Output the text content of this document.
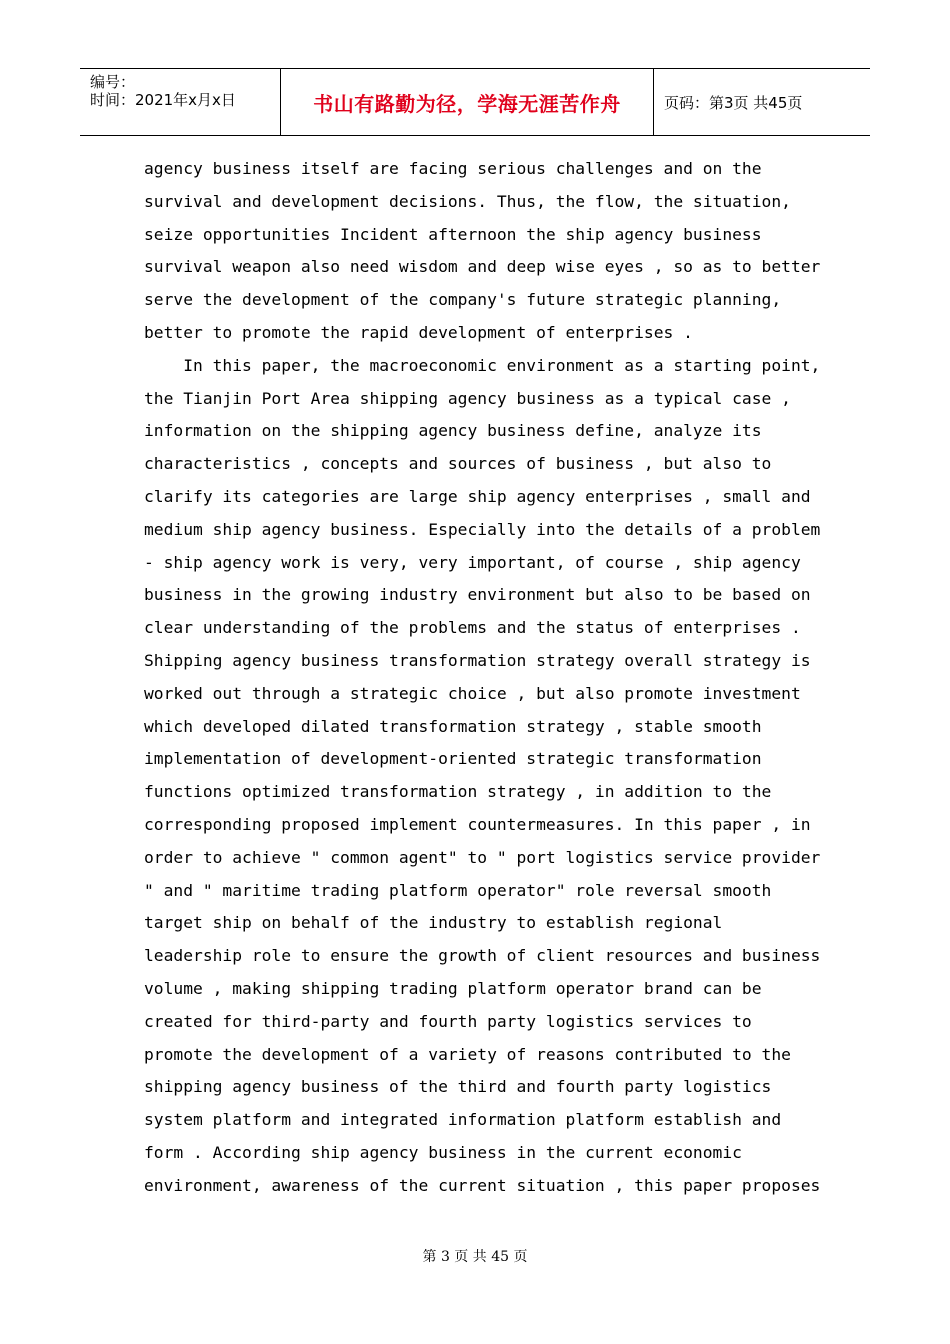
编号：
时间：2021年x月x日	书山有路勤为径，学海无涯苦作舟	页码：第3页 共45页
agency business itself are facing serious challenges and on the
survival and development decisions. Thus, the flow, the situation,
seize opportunities Incident afternoon the ship agency business
survival weapon also need wisdom and deep wise eyes , so as to better
serve the development of the company's future strategic planning,
better to promote the rapid development of enterprises .
In this paper, the macroeconomic environment as a starting point,
the Tianjin Port Area shipping agency business as a typical case ,
information on the shipping agency business define, analyze its
characteristics , concepts and sources of business , but also to
clarify its categories are large ship agency enterprises , small and
medium ship agency business. Especially into the details of a problem
- ship agency work is very, very important, of course , ship agency
business in the growing industry environment but also to be based on
clear understanding of the problems and the status of enterprises .
Shipping agency business transformation strategy overall strategy is
worked out through a strategic choice , but also promote investment
which developed dilated transformation strategy , stable smooth
implementation of development-oriented strategic transformation
functions optimized transformation strategy , in addition to the
corresponding proposed implement countermeasures. In this paper , in
order to achieve " common agent" to " port logistics service provider
" and " maritime trading platform operator" role reversal smooth
target ship on behalf of the industry to establish regional
leadership role to ensure the growth of client resources and business
volume , making shipping trading platform operator brand can be
created for third-party and fourth party logistics services to
promote the development of a variety of reasons contributed to the
shipping agency business of the third and fourth party logistics
system platform and integrated information platform establish and
form . According ship agency business in the current economic
environment, awareness of the current situation , this paper proposes
第 3 页 共 45 页
